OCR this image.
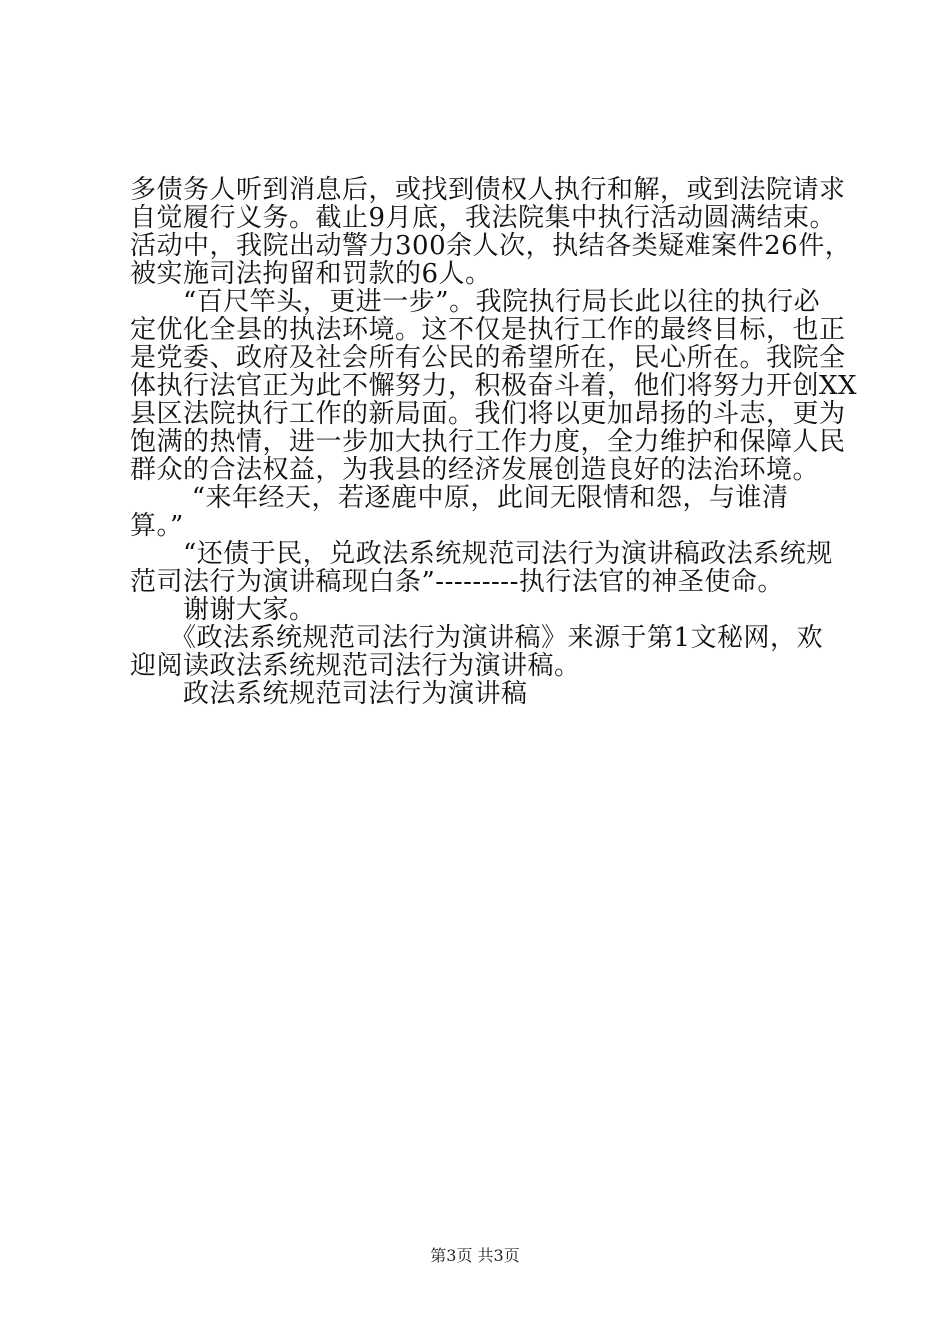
多债务人听到消息后，或找到债权人执行和解，或到法院请求
自觉履行义务。截止9月底，我法院集中执行活动圆满结束。
活动中，我院出动警力300余人次，执结各类疑难案件26件，
被实施司法拘留和罚款的6人。
　　“百尺竿头，更进一步”。我院执行局长此以往的执行必
定优化全县的执法环境。这不仅是执行工作的最终目标，也正
是党委、政府及社会所有公民的希望所在，民心所在。我院全
体执行法官正为此不懈努力，积极奋斗着，他们将努力开创XX
县区法院执行工作的新局面。我们将以更加昂扬的斗志，更为
饱满的热情，进一步加大执行工作力度，全力维护和保障人民
群众的合法权益，为我县的经济发展创造良好的法治环境。
　　 “来年经天，若逐鹿中原，此间无限情和怨，与谁清
算。”
　　“还债于民，兑政法系统规范司法行为演讲稿政法系统规
范司法行为演讲稿现白条”---------执行法官的神圣使命。
　　谢谢大家。
　　《政法系统规范司法行为演讲稿》来源于第1文秘网，欢
迎阅读政法系统规范司法行为演讲稿。
　　政法系统规范司法行为演讲稿
第3页 共3页
